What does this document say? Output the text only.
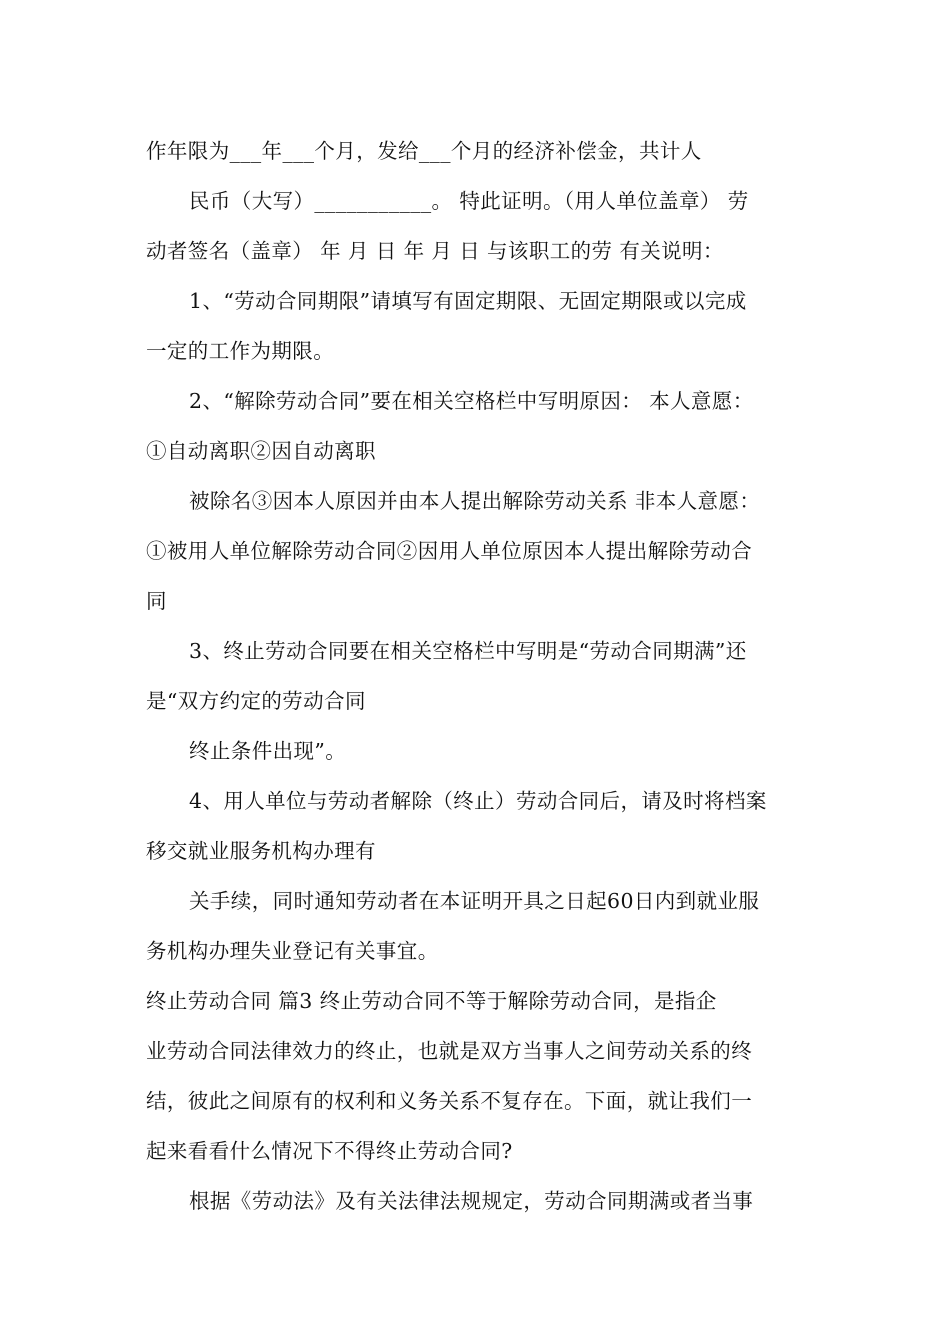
作年限为___年___个月，发给___个月的经济补偿金，共计人
民币（大写）___________。 特此证明。（用人单位盖章） 劳
动者签名（盖章） 年 月 日 年 月 日 与该职工的劳 有关说明：
1、“劳动合同期限”请填写有固定期限、无固定期限或以完成
一定的工作为期限。
2、“解除劳动合同”要在相关空格栏中写明原因： 本人意愿：
①自动离职②因自动离职
被除名③因本人原因并由本人提出解除劳动关系 非本人意愿：
①被用人单位解除劳动合同②因用人单位原因本人提出解除劳动合
同
3、终止劳动合同要在相关空格栏中写明是“劳动合同期满”还
是“双方约定的劳动合同
终止条件出现”。
4、用人单位与劳动者解除（终止）劳动合同后，请及时将档案
移交就业服务机构办理有
关手续，同时通知劳动者在本证明开具之日起60日内到就业服
务机构办理失业登记有关事宜。
终止劳动合同 篇3 终止劳动合同不等于解除劳动合同，是指企
业劳动合同法律效力的终止，也就是双方当事人之间劳动关系的终
结，彼此之间原有的权利和义务关系不复存在。下面，就让我们一
起来看看什么情况下不得终止劳动合同?
根据《劳动法》及有关法律法规规定，劳动合同期满或者当事
